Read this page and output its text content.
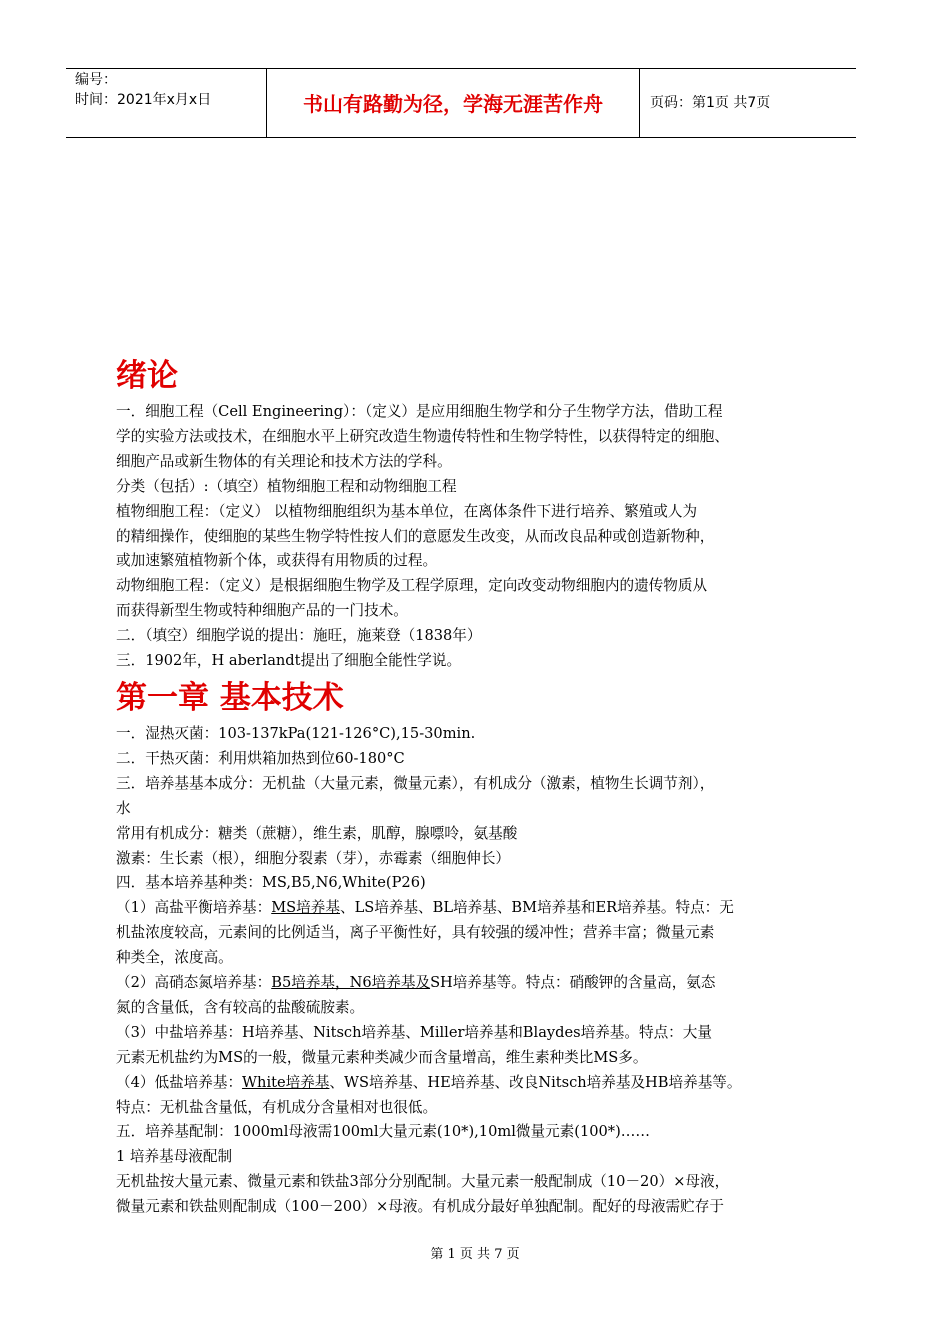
编号：
时间：2021年x月x日	书山有路勤为径，学海无涯苦作舟	页码：第1页 共7页
绪论

一．细胞工程（Cell Engineering）：（定义）是应用细胞生物学和分子生物学方法，借助工程

学的实验方法或技术，在细胞水平上研究改造生物遗传特性和生物学特性，以获得特定的细胞、

细胞产品或新生物体的有关理论和技术方法的学科。

分类（包括）:（填空）植物细胞工程和动物细胞工程

植物细胞工程：（定义） 以植物细胞组织为基本单位，在离体条件下进行培养、繁殖或人为

的精细操作，使细胞的某些生物学特性按人们的意愿发生改变，从而改良品种或创造新物种，

或加速繁殖植物新个体，或获得有用物质的过程。

动物细胞工程：（定义）是根据细胞生物学及工程学原理，定向改变动物细胞内的遗传物质从

而获得新型生物或特种细胞产品的一门技术。

二．（填空）细胞学说的提出：施旺，施莱登（1838年）

三．1902年，H aberlandt提出了细胞全能性学说。

第一章 基本技术

一．湿热灭菌：103-137kPa(121-126°C),15-30min.

二．干热灭菌：利用烘箱加热到位60-180°C

三．培养基基本成分：无机盐（大量元素，微量元素），有机成分（激素，植物生长调节剂），

水

常用有机成分：糖类（蔗糖），维生素，肌醇，腺嘌呤，氨基酸

激素：生长素（根），细胞分裂素（芽），赤霉素（细胞伸长）

四．基本培养基种类：MS,B5,N6,White(P26)

（1）高盐平衡培养基：MS培养基、LS培养基、BL培养基、BM培养基和ER培养基。特点：无

机盐浓度较高，元素间的比例适当，离子平衡性好，具有较强的缓冲性；营养丰富；微量元素

种类全，浓度高。

（2）高硝态氮培养基：B5培养基，N6培养基及SH培养基等。特点：硝酸钾的含量高，氨态

氮的含量低，含有较高的盐酸硫胺素。

（3）中盐培养基：H培养基、Nitsch培养基、Miller培养基和Blaydes培养基。特点：大量

元素无机盐约为MS的一般，微量元素种类减少而含量增高，维生素种类比MS多。

（4）低盐培养基：White培养基、WS培养基、HE培养基、改良Nitsch培养基及HB培养基等。

特点：无机盐含量低，有机成分含量相对也很低。

五．培养基配制：1000ml母液需100ml大量元素(10*),10ml微量元素(100*)……

1 培养基母液配制

无机盐按大量元素、微量元素和铁盐3部分分别配制。大量元素一般配制成（10－20）×母液，

微量元素和铁盐则配制成（100－200）×母液。有机成分最好单独配制。配好的母液需贮存于

第 1 页 共 7 页
